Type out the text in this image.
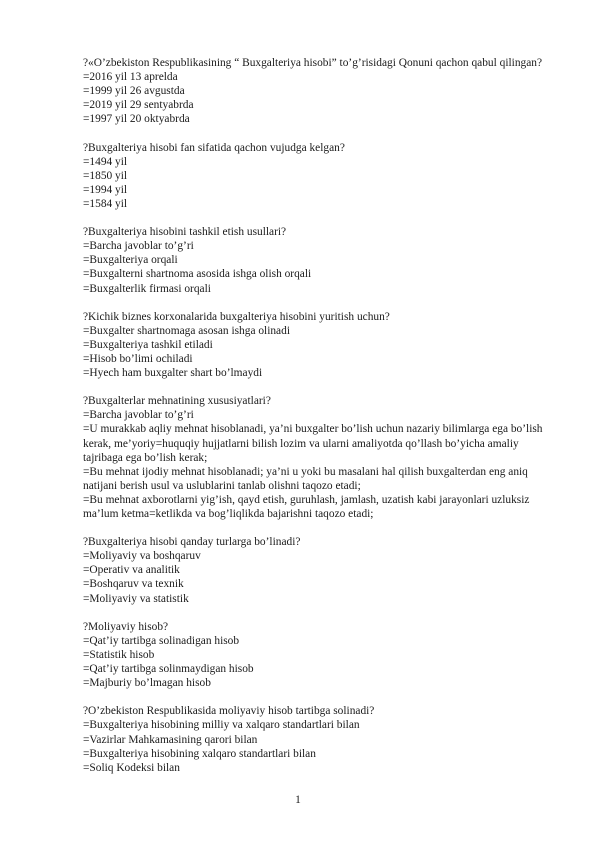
?«O’zbekiston Respublikasining “ Buxgalteriya hisobi” to’g’risidagi Qonuni qachon qabul qilingan?
=2016 yil 13 aprelda
=1999 yil 26 avgustda
=2019 yil 29 sentyabrda
=1997 yil 20 oktyabrda
?Buxgalteriya hisobi fan sifatida qachon vujudga kelgan?
=1494 yil
=1850 yil
=1994 yil
=1584 yil
?Buxgalteriya hisobini tashkil etish usullari?
=Barcha javoblar to’g’ri
=Buxgalteriya orqali
=Buxgalterni shartnoma asosida ishga olish orqali
=Buxgalterlik firmasi orqali
?Kichik biznes korxonalarida buxgalteriya hisobini yuritish uchun?
=Buxgalter shartnomaga asosan ishga olinadi
=Buxgalteriya tashkil etiladi
=Hisob bo’limi ochiladi
=Hyech ham buxgalter shart bo’lmaydi
?Buxgalterlar mehnatining xususiyatlari?
=Barcha javoblar to’g’ri
=U murakkab aqliy mehnat hisoblanadi, ya’ni buxgalter bo’lish uchun nazariy bilimlarga ega bo’lish kerak, me’yoriy=huquqiy hujjatlarni bilish lozim va ularni amaliyotda qo’llash bo’yicha amaliy tajribaga ega bo’lish kerak;
=Bu mehnat ijodiy mehnat hisoblanadi; ya’ni u yoki bu masalani hal qilish buxgalterdan eng aniq natijani berish usul va uslublarini tanlab olishni taqozo etadi;
=Bu mehnat axborotlarni yig’ish, qayd etish, guruhlash, jamlash, uzatish kabi jarayonlari uzluksiz ma’lum ketma=ketlikda va bog’liqlikda bajarishni taqozo etadi;
?Buxgalteriya hisobi qanday turlarga bo’linadi?
=Moliyaviy va boshqaruv
=Operativ va analitik
=Boshqaruv va texnik
=Moliyaviy va statistik
?Moliyaviy hisob?
=Qat’iy tartibga solinadigan hisob
=Statistik hisob
=Qat’iy tartibga solinmaydigan hisob
=Majburiy bo’lmagan hisob
?O’zbekiston Respublikasida moliyaviy hisob tartibga solinadi?
=Buxgalteriya hisobining milliy va xalqaro standartlari bilan
=Vazirlar Mahkamasining qarori bilan
=Buxgalteriya hisobining xalqaro standartlari bilan
=Soliq Kodeksi bilan
1
